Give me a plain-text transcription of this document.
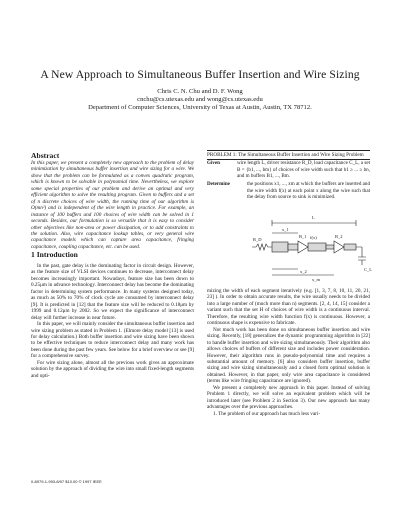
A New Approach to Simultaneous Buffer Insertion and Wire Sizing
Chris C. N. Chu and D. F. Wong
cnchu@cs.utexas.edu and wong@cs.utexas.edu
Department of Computer Sciences, University of Texas at Austin, Austin, TX 78712.
Abstract
In this paper, we present a completely new approach to the problem of delay minimization by simultaneous buffer insertion and wire sizing for a wire. We show that the problem can be formulated as a convex quadratic program, which is known to be solvable in polynomial time. Nevertheless, we explore some special properties of our problem and derive an optimal and very efficient algorithm to solve the resulting program. Given m buffers and a set of n discrete choices of wire width, the running time of our algorithm is O(mn²) and is independent of the wire length in practice. For example, an instance of 100 buffers and 100 choices of wire width can be solved in 1 seconds. Besides, our formulation is so versatile that it is easy to consider other objectives like non-area or power dissipation, or to add constraints to the solution. Also, wire capacitance lookup tables, or very general wire capacitance models which can capture area capacitance, fringing capacitance, coupling capacitance, etc. can be used.
1 Introduction

In the past, gate delay is the dominating factor in circuit design. However, as the feature size of VLSI devices continues to decrease, interconnect delay becomes increasingly important. Nowadays, feature size has been down to 0.25μm in advance technology. Interconnect delay has become the dominating factor in determining system performance. In many systems designed today, as much as 50% to 70% of clock cycle are consumed by interconnect delay [9]. It is predicted in [12] that the feature size will be reduced to 0.18μm by 1999 and 0.12μm by 2002. So we expect the significance of interconnect delay will further increase in near future.

In this paper, we will mainly consider the simultaneous buffer insertion and wire sizing problem as stated in Problem 1. (Elmore delay model [13] is used for delay calculation.) Both buffer insertion and wire sizing have been shown to be effective techniques to reduce interconnect delay and many work has been done during the past few years. See below for a brief overview or see [9] for a comprehensive survey.

For wire sizing alone, almost all the previous work gives an approximate solution by the approach of dividing the wire into small fixed-length segments and opti-

0-8979-1-993-8/97 $10.00 © 1997 IEEE
PROBLEM 1: The Simultaneous Buffer Insertion and Wire Sizing Problem
Given	wire length L, driver resistance R_D, load capacitance C_L, a set B = {b1, ..., bm} of choices of wire width such that b1 ≥ ... ≥ bn, and m buffers B1, ..., Bm.
Determine	the positions x1, ..., xm at which the buffers are inserted and the wire width f(x) at each point x along the wire such that the delay from source to sink is minimized.
R_D
C_L
B_1	B_2
f(x)
x_1
x_2
x_m
L

mizing the width of each segment iteratively (e.g. [1, 3, 7, 8, 10, 11, 20, 21, 23] ). In order to obtain accurate results, the wire usually needs to be divided into a large number of (much more than n) segments. [2, 4, 14, 15] consider a variant such that the set H of choices of wire width is a continuous interval. Therefore, the resulting wire width function f(x) is continuous. However, a continuous shape is expensive to fabricate.

Not much work has been done on simultaneous buffer insertion and wire sizing. Recently, [18] generalizes the dynamic programming algorithm in [22] to handle buffer insertion and wire sizing simultaneously. Their algorithm also allows choices of buffers of different size and includes power consideration. However, their algorithm runs in pseudo-polynomial time and requires a substantial amount of memory. [6] also considers buffer insertion, buffer sizing and wire sizing simultaneously and a closed form optimal solution is obtained. However, in that paper, only wire area capacitance is considered (terms like wire fringing capacitance are ignored).

We present a completely new approach in this paper. Instead of solving Problem 1 directly, we will solve an equivalent problem which will be introduced later (see Problem 2 in Section 3). Our new approach has many advantages over the previous approaches.

1. The problem of our approach has much less vari-
